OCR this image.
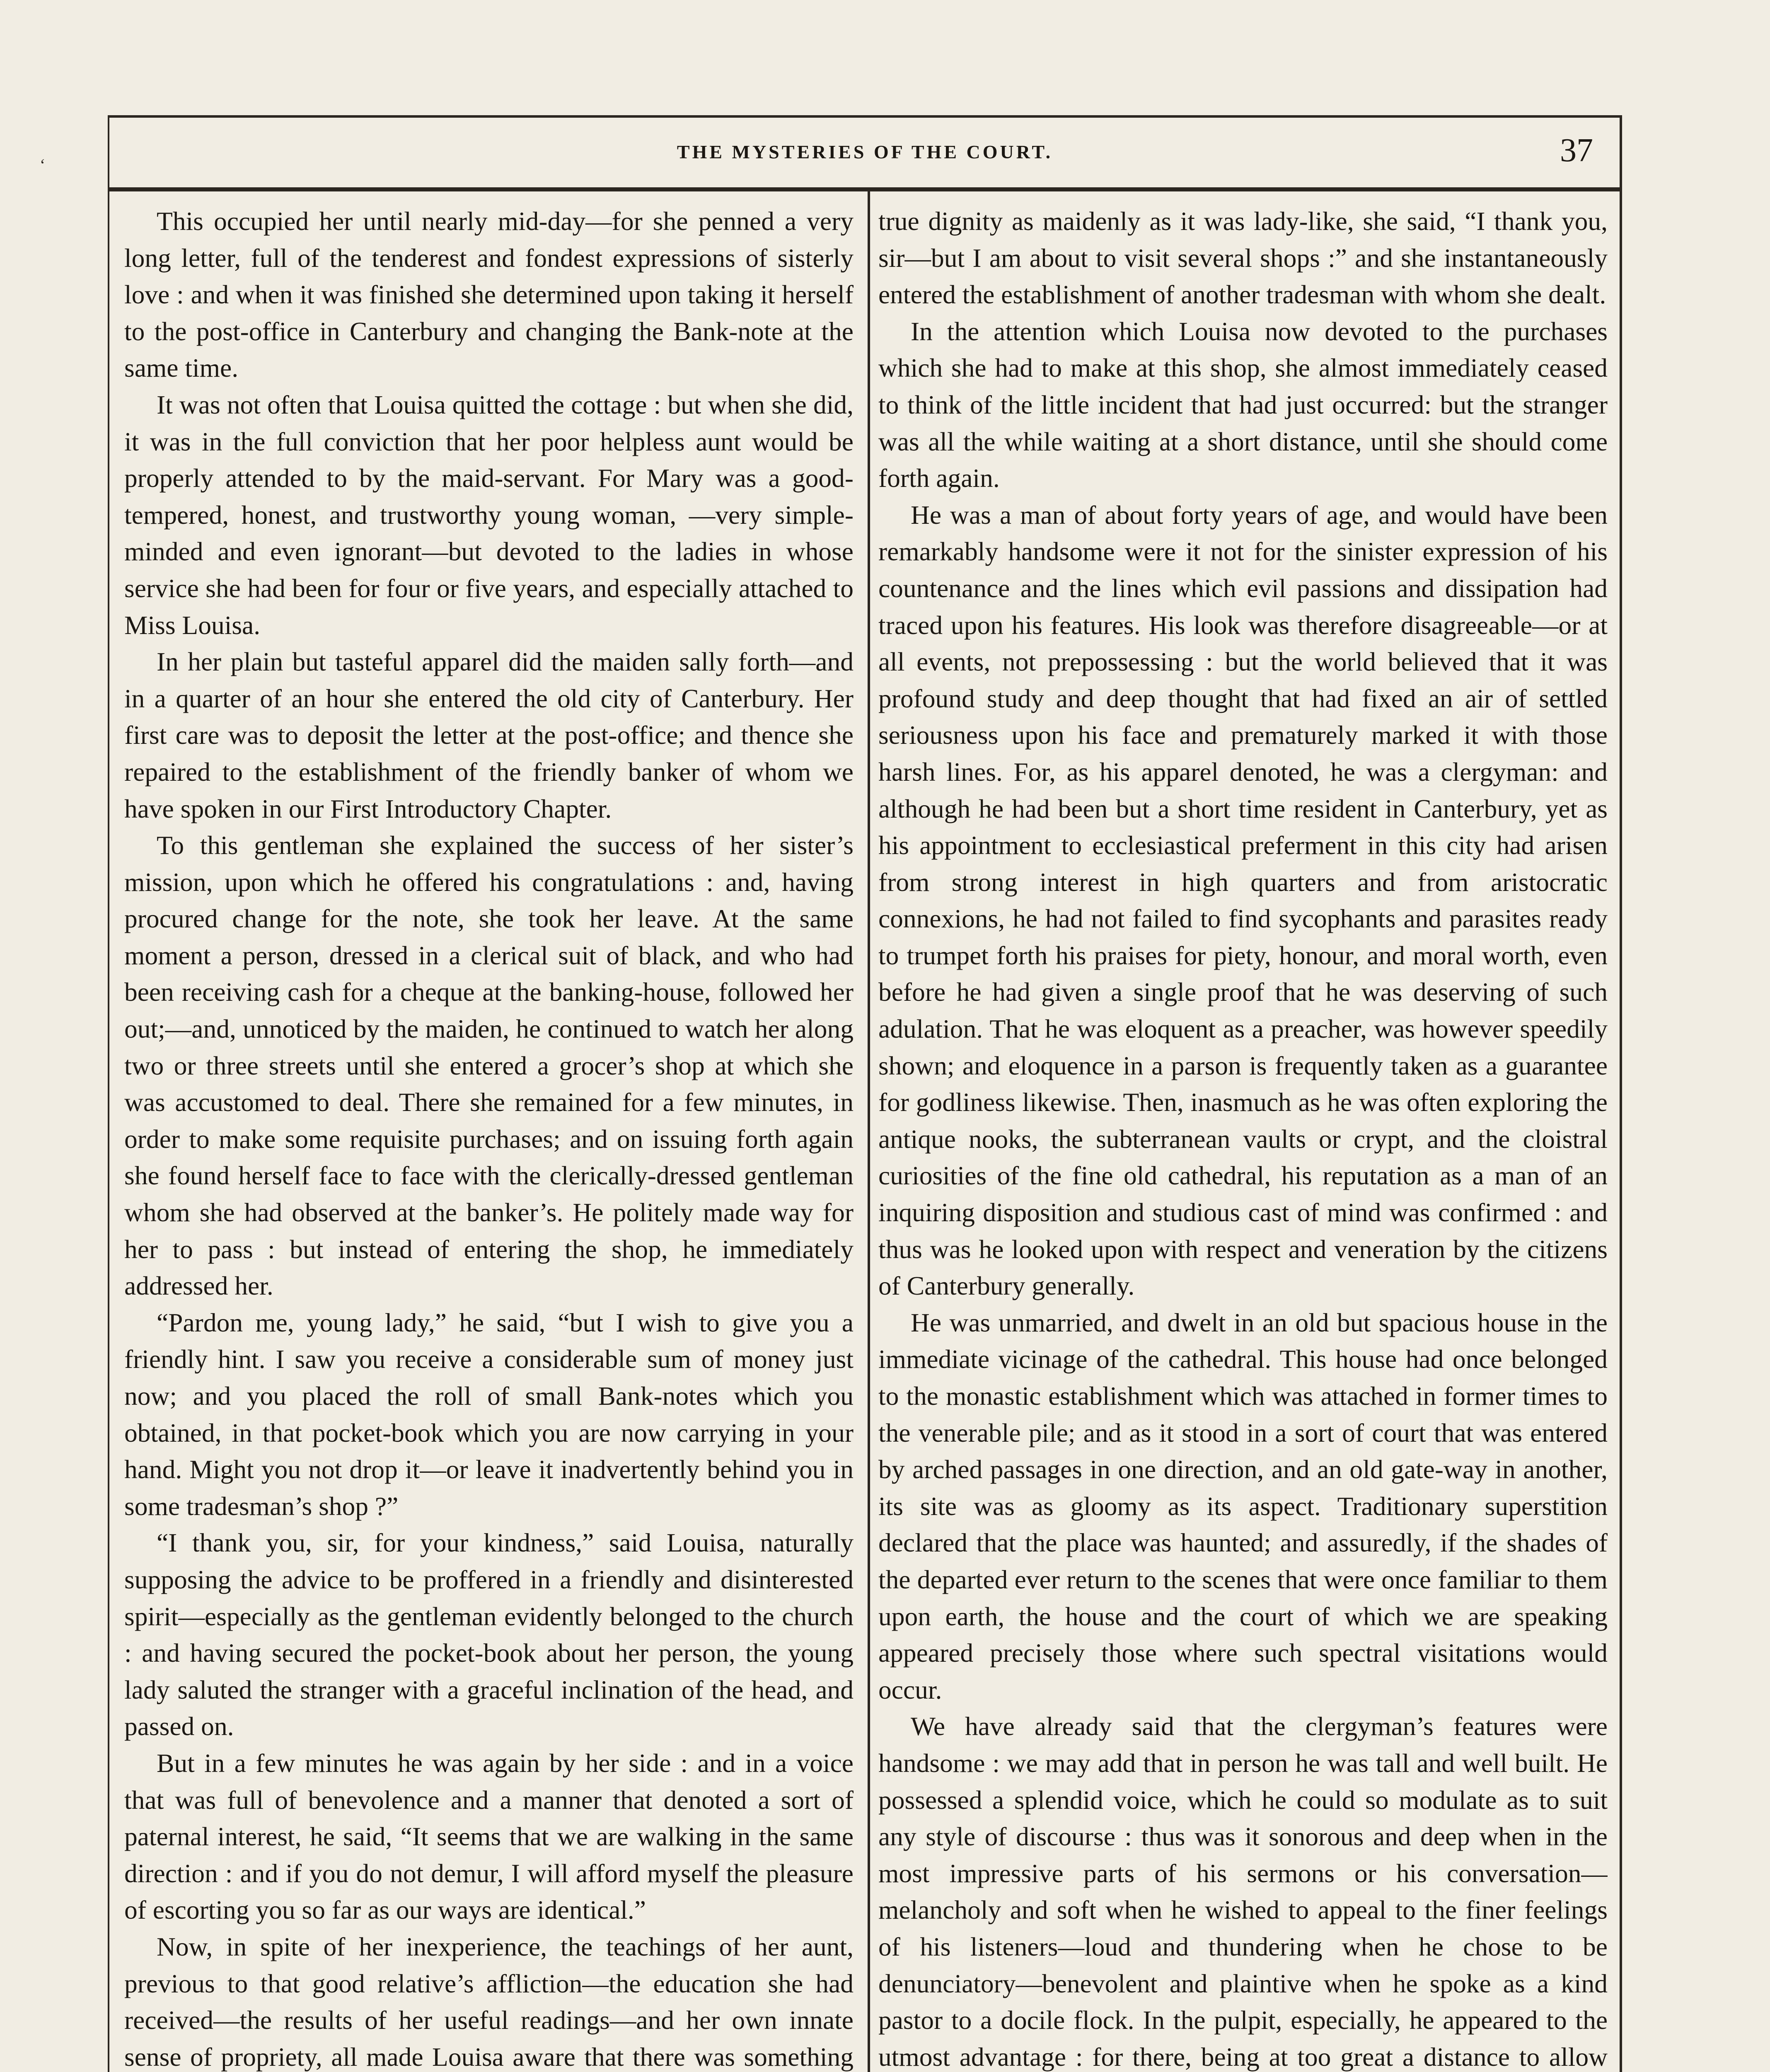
THE MYSTERIES OF THE COURT.	37
‘

This occupied her until nearly mid-day—for she penned a very long letter, full of the tenderest and fondest expressions of sisterly love : and when it was finished she determined upon taking it herself to the post-office in Canterbury and changing the Bank-note at the same time.

It was not often that Louisa quitted the cottage : but when she did, it was in the full conviction that her poor helpless aunt would be properly attended to by the maid-servant. For Mary was a good-tempered, honest, and trustworthy young woman, —very simple-minded and even ignorant—but devoted to the ladies in whose service she had been for four or five years, and especially attached to Miss Louisa.

In her plain but tasteful apparel did the maiden sally forth—and in a quarter of an hour she entered the old city of Canterbury. Her first care was to deposit the letter at the post-office; and thence she repaired to the establishment of the friendly banker of whom we have spoken in our First Introductory Chapter.

To this gentleman she explained the success of her sister’s mission, upon which he offered his congratulations : and, having procured change for the note, she took her leave. At the same moment a person, dressed in a clerical suit of black, and who had been receiving cash for a cheque at the banking-house, followed her out;—and, unnoticed by the maiden, he continued to watch her along two or three streets until she entered a grocer’s shop at which she was accustomed to deal. There she remained for a few minutes, in order to make some requisite purchases; and on issuing forth again she found herself face to face with the clerically-dressed gentleman whom she had observed at the banker’s. He politely made way for her to pass : but instead of entering the shop, he immediately addressed her.

“Pardon me, young lady,” he said, “but I wish to give you a friendly hint. I saw you receive a considerable sum of money just now; and you placed the roll of small Bank-notes which you obtained, in that pocket-book which you are now carrying in your hand. Might you not drop it—or leave it inadvertently behind you in some tradesman’s shop ?”

“I thank you, sir, for your kindness,” said Louisa, naturally supposing the advice to be proffered in a friendly and disinterested spirit—especially as the gentleman evidently belonged to the church : and having secured the pocket-book about her person, the young lady saluted the stranger with a graceful inclination of the head, and passed on.

But in a few minutes he was again by her side : and in a voice that was full of benevolence and a manner that denoted a sort of paternal interest, he said, “It seems that we are walking in the same direction : and if you do not demur, I will afford myself the pleasure of escorting you so far as our ways are identical.”

Now, in spite of her inexperience, the teachings of her aunt, previous to that good relative’s affliction—the education she had received—the results of her useful readings—and her own innate sense of propriety, all made Louisa aware that there was something

true dignity as maidenly as it was lady-like, she said, “I thank you, sir—but I am about to visit several shops :” and she instantaneously entered the establishment of another tradesman with whom she dealt.

In the attention which Louisa now devoted to the purchases which she had to make at this shop, she almost immediately ceased to think of the little incident that had just occurred: but the stranger was all the while waiting at a short distance, until she should come forth again.

He was a man of about forty years of age, and would have been remarkably handsome were it not for the sinister expression of his countenance and the lines which evil passions and dissipation had traced upon his features. His look was therefore disagreeable—or at all events, not prepossessing : but the world believed that it was profound study and deep thought that had fixed an air of settled seriousness upon his face and prematurely marked it with those harsh lines. For, as his apparel denoted, he was a clergyman: and although he had been but a short time resident in Canterbury, yet as his appointment to ecclesiastical preferment in this city had arisen from strong interest in high quarters and from aristocratic connexions, he had not failed to find sycophants and parasites ready to trumpet forth his praises for piety, honour, and moral worth, even before he had given a single proof that he was deserving of such adulation. That he was eloquent as a preacher, was however speedily shown; and eloquence in a parson is frequently taken as a guarantee for godliness likewise. Then, inasmuch as he was often exploring the antique nooks, the subterranean vaults or crypt, and the cloistral curiosities of the fine old cathedral, his reputation as a man of an inquiring disposition and studious cast of mind was confirmed : and thus was he looked upon with respect and veneration by the citizens of Canterbury generally.

He was unmarried, and dwelt in an old but spacious house in the immediate vicinage of the cathedral. This house had once belonged to the monastic establishment which was attached in former times to the venerable pile; and as it stood in a sort of court that was entered by arched passages in one direction, and an old gate-way in another, its site was as gloomy as its aspect. Traditionary superstition declared that the place was haunted; and assuredly, if the shades of the departed ever return to the scenes that were once familiar to them upon earth, the house and the court of which we are speaking appeared precisely those where such spectral visitations would occur.

We have already said that the clergyman’s features were handsome : we may add that in person he was tall and well built. He possessed a splendid voice, which he could so modulate as to suit any style of discourse : thus was it sonorous and deep when in the most impressive parts of his sermons or his conversation—melancholy and soft when he wished to appeal to the finer feelings of his listeners—loud and thundering when he chose to be denunciatory—benevolent and plaintive when he spoke as a kind pastor to a docile flock. In the pulpit, especially, he appeared to the utmost advantage : for there, being at too great a distance to allow
